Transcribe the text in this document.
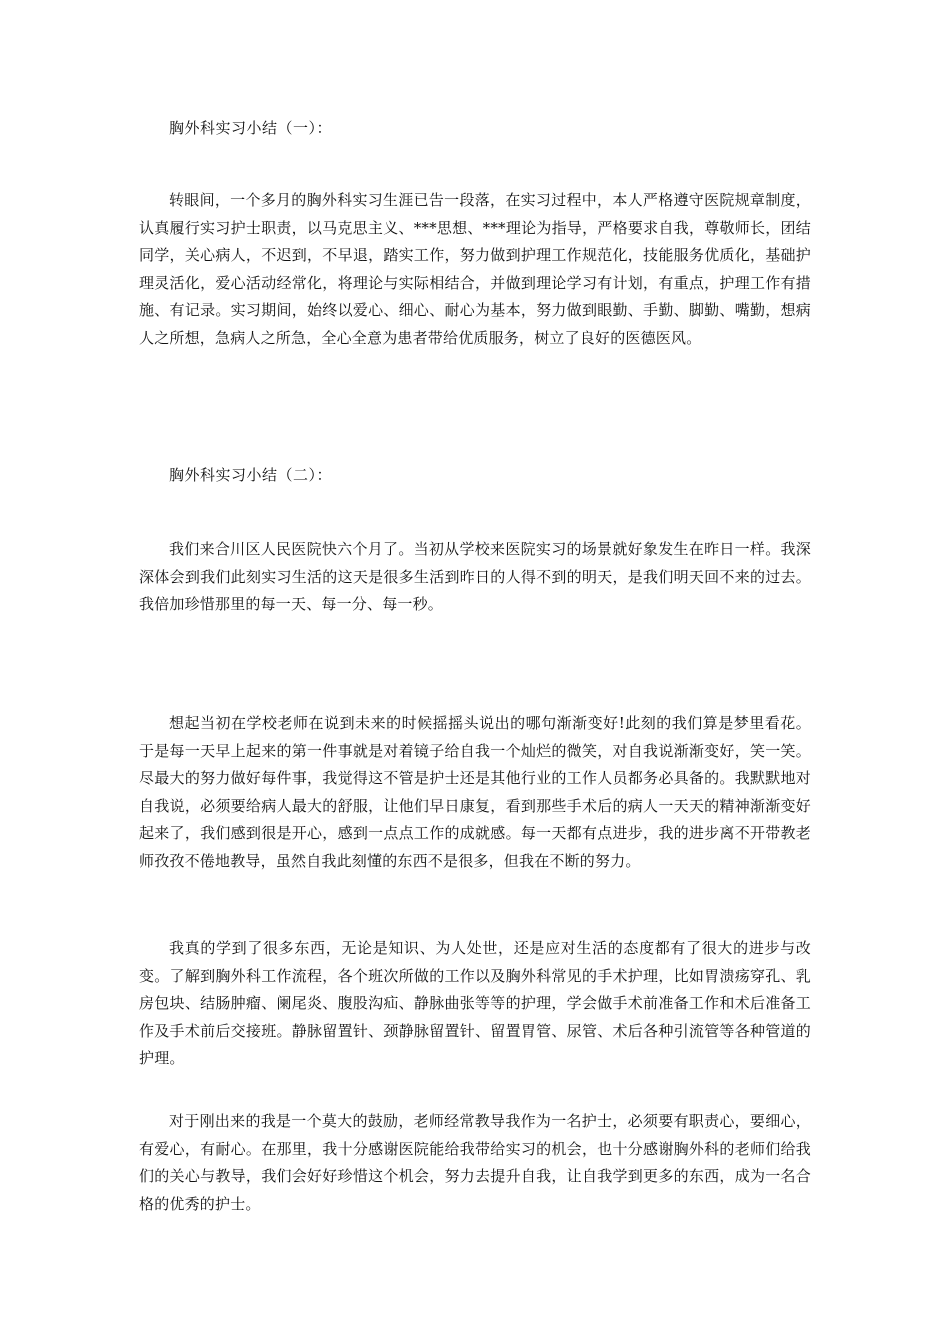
胸外科实习小结（一）：

转眼间，一个多月的胸外科实习生涯已告一段落，在实习过程中，本人严格遵守医院规章制度，认真履行实习护士职责，以马克思主义、***思想、***理论为指导，严格要求自我，尊敬师长，团结同学，关心病人，不迟到，不早退，踏实工作，努力做到护理工作规范化，技能服务优质化，基础护理灵活化，爱心活动经常化，将理论与实际相结合，并做到理论学习有计划，有重点，护理工作有措施、有记录。实习期间，始终以爱心、细心、耐心为基本，努力做到眼勤、手勤、脚勤、嘴勤，想病人之所想，急病人之所急，全心全意为患者带给优质服务，树立了良好的医德医风。

胸外科实习小结（二）：

我们来合川区人民医院快六个月了。当初从学校来医院实习的场景就好象发生在昨日一样。我深深体会到我们此刻实习生活的这天是很多生活到昨日的人得不到的明天，是我们明天回不来的过去。我倍加珍惜那里的每一天、每一分、每一秒。

想起当初在学校老师在说到未来的时候摇摇头说出的哪句渐渐变好!此刻的我们算是梦里看花。于是每一天早上起来的第一件事就是对着镜子给自我一个灿烂的微笑，对自我说渐渐变好，笑一笑。尽最大的努力做好每件事，我觉得这不管是护士还是其他行业的工作人员都务必具备的。我默默地对自我说，必须要给病人最大的舒服，让他们早日康复，看到那些手术后的病人一天天的精神渐渐变好起来了，我们感到很是开心，感到一点点工作的成就感。每一天都有点进步，我的进步离不开带教老师孜孜不倦地教导，虽然自我此刻懂的东西不是很多，但我在不断的努力。

我真的学到了很多东西，无论是知识、为人处世，还是应对生活的态度都有了很大的进步与改变。了解到胸外科工作流程，各个班次所做的工作以及胸外科常见的手术护理，比如胃溃疡穿孔、乳房包块、结肠肿瘤、阑尾炎、腹股沟疝、静脉曲张等等的护理，学会做手术前准备工作和术后准备工作及手术前后交接班。静脉留置针、颈静脉留置针、留置胃管、尿管、术后各种引流管等各种管道的护理。

对于刚出来的我是一个莫大的鼓励，老师经常教导我作为一名护士，必须要有职责心，要细心，有爱心，有耐心。在那里，我十分感谢医院能给我带给实习的机会，也十分感谢胸外科的老师们给我们的关心与教导，我们会好好珍惜这个机会，努力去提升自我，让自我学到更多的东西，成为一名合格的优秀的护士。
